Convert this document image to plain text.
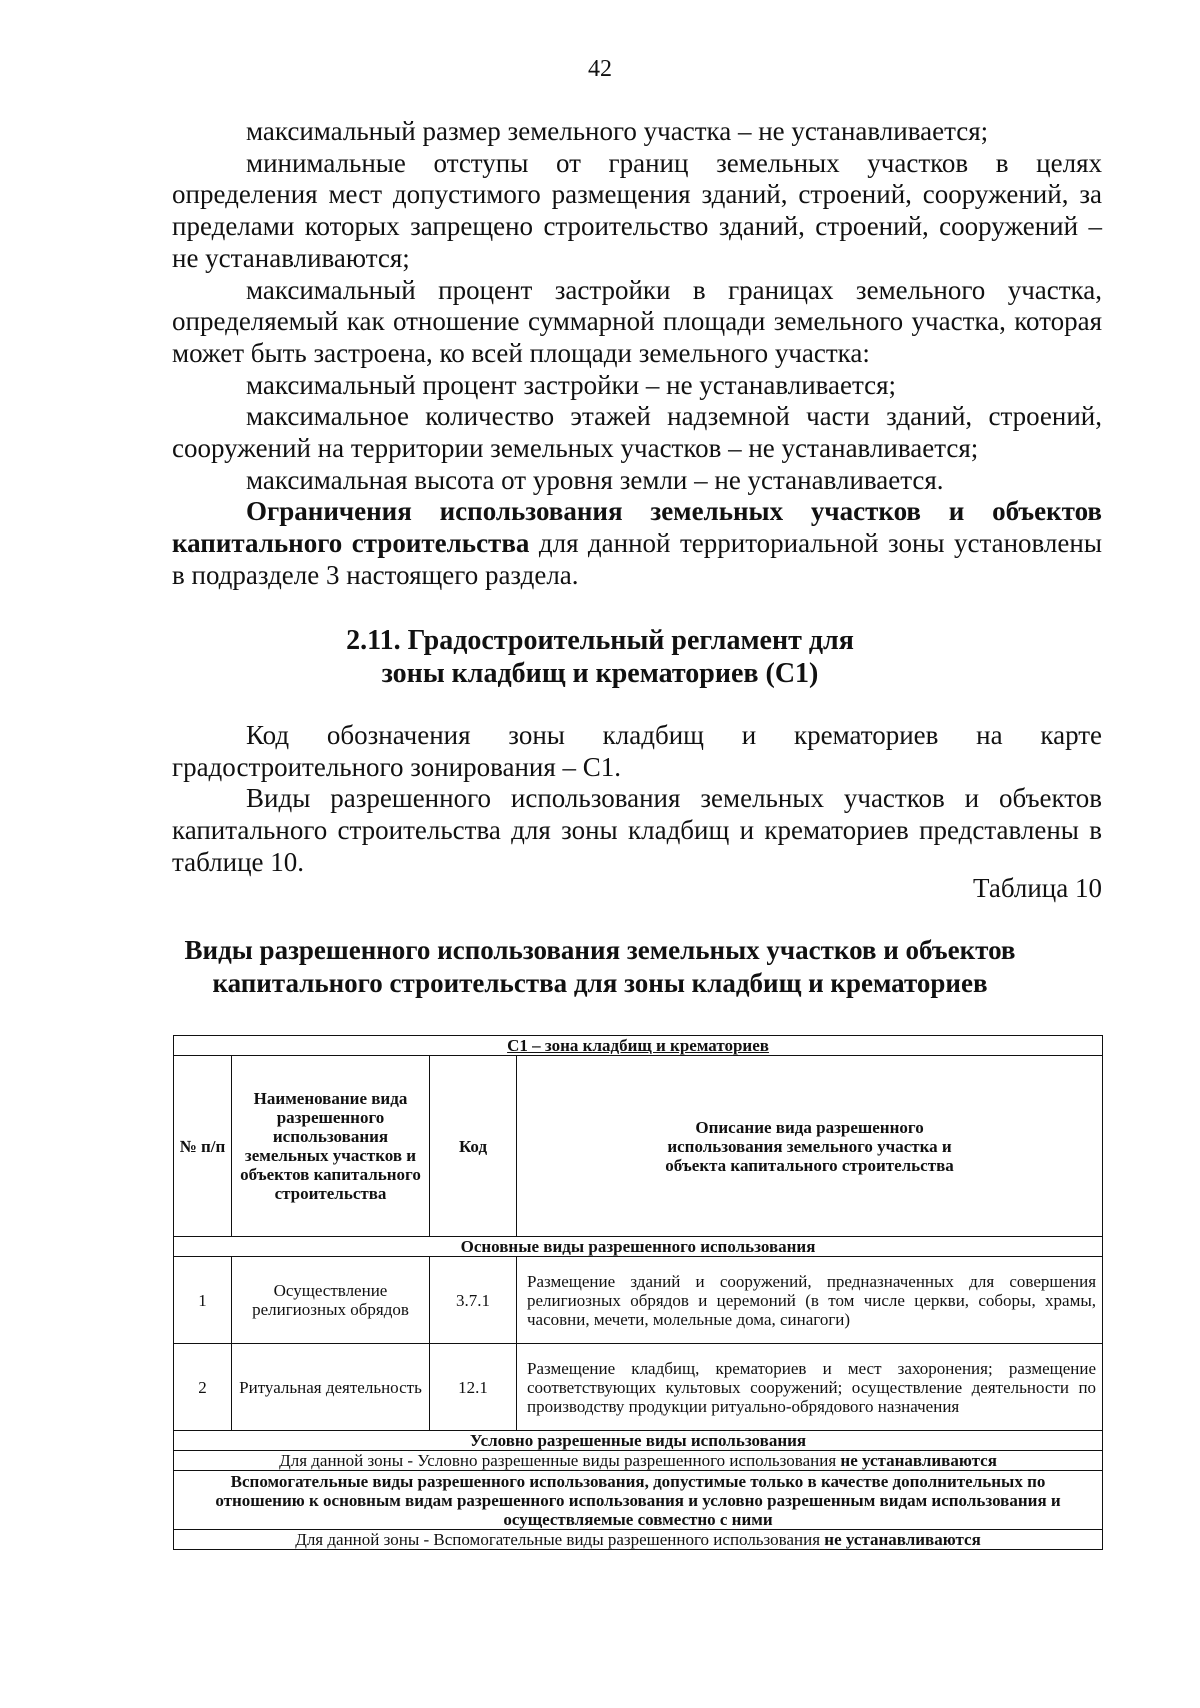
42

максимальный размер земельного участка – не устанавливается;

минимальные отступы от границ земельных участков в целях определения мест допустимого размещения зданий, строений, сооружений, за пределами которых запрещено строительство зданий, строений, сооружений – не устанавливаются;

максимальный процент застройки в границах земельного участка, определяемый как отношение суммарной площади земельного участка, которая может быть застроена, ко всей площади земельного участка:

максимальный процент застройки – не устанавливается;

максимальное количество этажей надземной части зданий, строений, сооружений на территории земельных участков – не устанавливается;

максимальная высота от уровня земли – не устанавливается.

Ограничения использования земельных участков и объектов капитального строительства для данной территориальной зоны установлены в подразделе 3 настоящего раздела.

2.11. Градостроительный регламент для
зоны кладбищ и крематориев (С1)

Код обозначения зоны кладбищ и крематориев на карте градостроительного зонирования – С1.

Виды разрешенного использования земельных участков и объектов капитального строительства для зоны кладбищ и крематориев представлены в таблице 10.

Таблица 10
Виды разрешенного использования земельных участков и объектов
капитального строительства для зоны кладбищ и крематориев
С1 – зона кладбищ и крематориев			
№ п/п	Наименование вида разрешенного использования земельных участков и объектов капитального строительства	Код	Описание вида разрешенного использования земельного участка и объекта капитального строительства
Основные виды разрешенного использования			
1	Осуществление религиозных обрядов	3.7.1	Размещение зданий и сооружений, предназначенных для совершения религиозных обрядов и церемоний (в том числе церкви, соборы, храмы, часовни, мечети, молельные дома, синагоги)
2	Ритуальная деятельность	12.1	Размещение кладбищ, крематориев и мест захоронения; размещение соответствующих культовых сооружений; осуществление деятельности по производству продукции ритуально-обрядового назначения
Условно разрешенные виды использования			
Для данной зоны - Условно разрешенные виды разрешенного использования не устанавливаются			
Вспомогательные виды разрешенного использования, допустимые только в качестве дополнительных по отношению к основным видам разрешенного использования и условно разрешенным видам использования и осуществляемые совместно с ними			
Для данной зоны - Вспомогательные виды разрешенного использования не устанавливаются			
